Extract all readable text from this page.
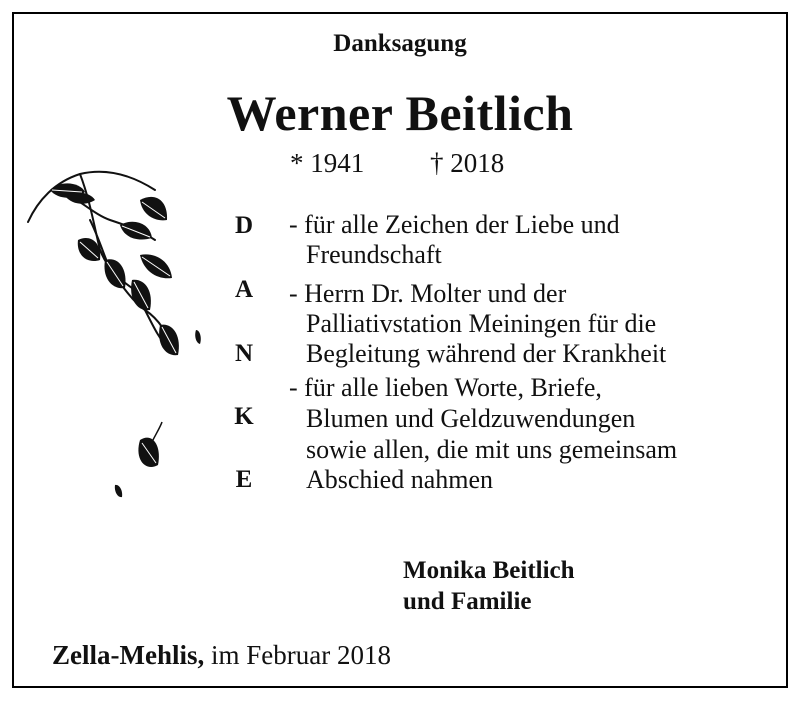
Danksagung
Werner Beitlich
* 1941 † 2018
D
A
N
K
E
- für alle Zeichen der Liebe und
Freundschaft
- Herrn Dr. Molter und der
Palliativstation Meiningen für die
Begleitung während der Krankheit
- für alle lieben Worte, Briefe,
Blumen und Geldzuwendungen
sowie allen, die mit uns gemeinsam
Abschied nahmen
Monika Beitlich
und Familie
Zella-Mehlis, im Februar 2018
